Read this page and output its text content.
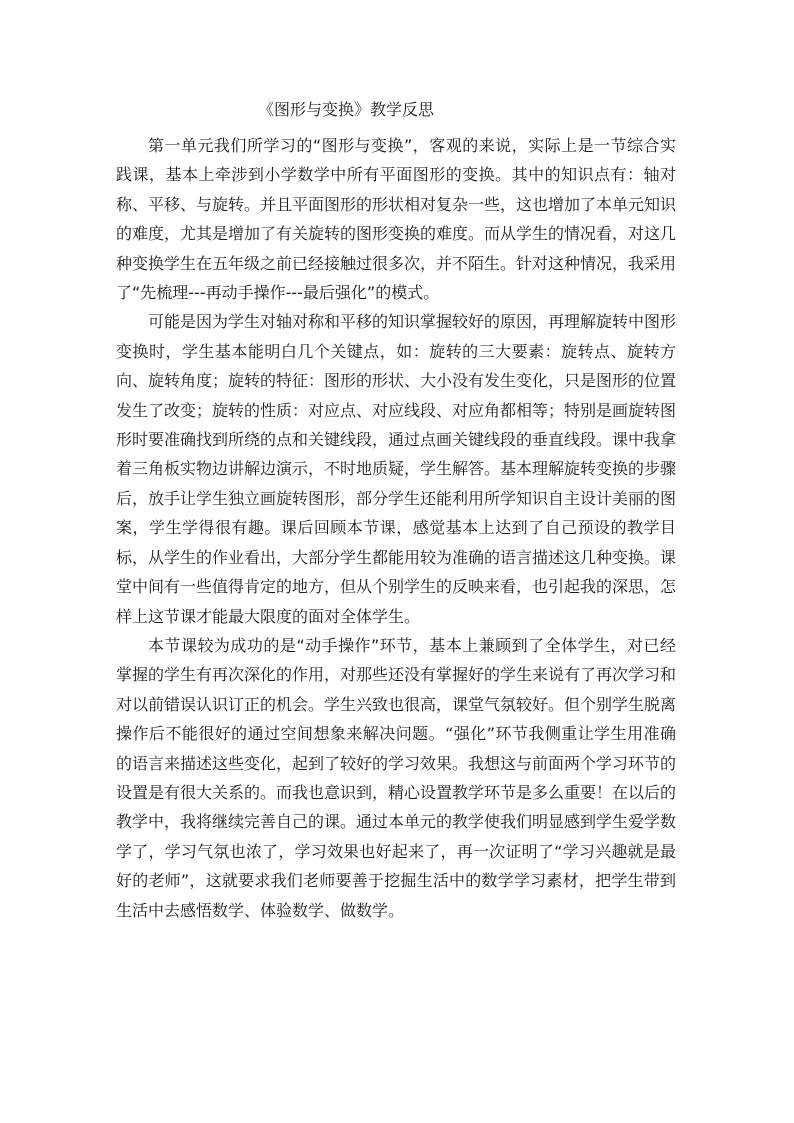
《图形与变换》教学反思

第一单元我们所学习的“图形与变换”，客观的来说，实际上是一节综合实践课，基本上牵涉到小学数学中所有平面图形的变换。其中的知识点有：轴对称、平移、与旋转。并且平面图形的形状相对复杂一些，这也增加了本单元知识的难度，尤其是增加了有关旋转的图形变换的难度。而从学生的情况看，对这几种变换学生在五年级之前已经接触过很多次，并不陌生。针对这种情况，我采用了“先梳理---再动手操作---最后强化”的模式。

可能是因为学生对轴对称和平移的知识掌握较好的原因，再理解旋转中图形变换时，学生基本能明白几个关键点，如：旋转的三大要素：旋转点、旋转方向、旋转角度；旋转的特征：图形的形状、大小没有发生变化，只是图形的位置发生了改变；旋转的性质：对应点、对应线段、对应角都相等；特别是画旋转图形时要准确找到所绕的点和关键线段，通过点画关键线段的垂直线段。课中我拿着三角板实物边讲解边演示，不时地质疑，学生解答。基本理解旋转变换的步骤后，放手让学生独立画旋转图形，部分学生还能利用所学知识自主设计美丽的图案，学生学得很有趣。课后回顾本节课，感觉基本上达到了自己预设的教学目标，从学生的作业看出，大部分学生都能用较为准确的语言描述这几种变换。课堂中间有一些值得肯定的地方，但从个别学生的反映来看，也引起我的深思，怎样上这节课才能最大限度的面对全体学生。

本节课较为成功的是“动手操作”环节，基本上兼顾到了全体学生，对已经掌握的学生有再次深化的作用，对那些还没有掌握好的学生来说有了再次学习和对以前错误认识订正的机会。学生兴致也很高，课堂气氛较好。但个别学生脱离操作后不能很好的通过空间想象来解决问题。“强化”环节我侧重让学生用准确的语言来描述这些变化，起到了较好的学习效果。我想这与前面两个学习环节的设置是有很大关系的。而我也意识到，精心设置教学环节是多么重要！在以后的教学中，我将继续完善自己的课。通过本单元的教学使我们明显感到学生爱学数学了，学习气氛也浓了，学习效果也好起来了，再一次证明了“学习兴趣就是最好的老师”，这就要求我们老师要善于挖掘生活中的数学学习素材，把学生带到生活中去感悟数学、体验数学、做数学。
